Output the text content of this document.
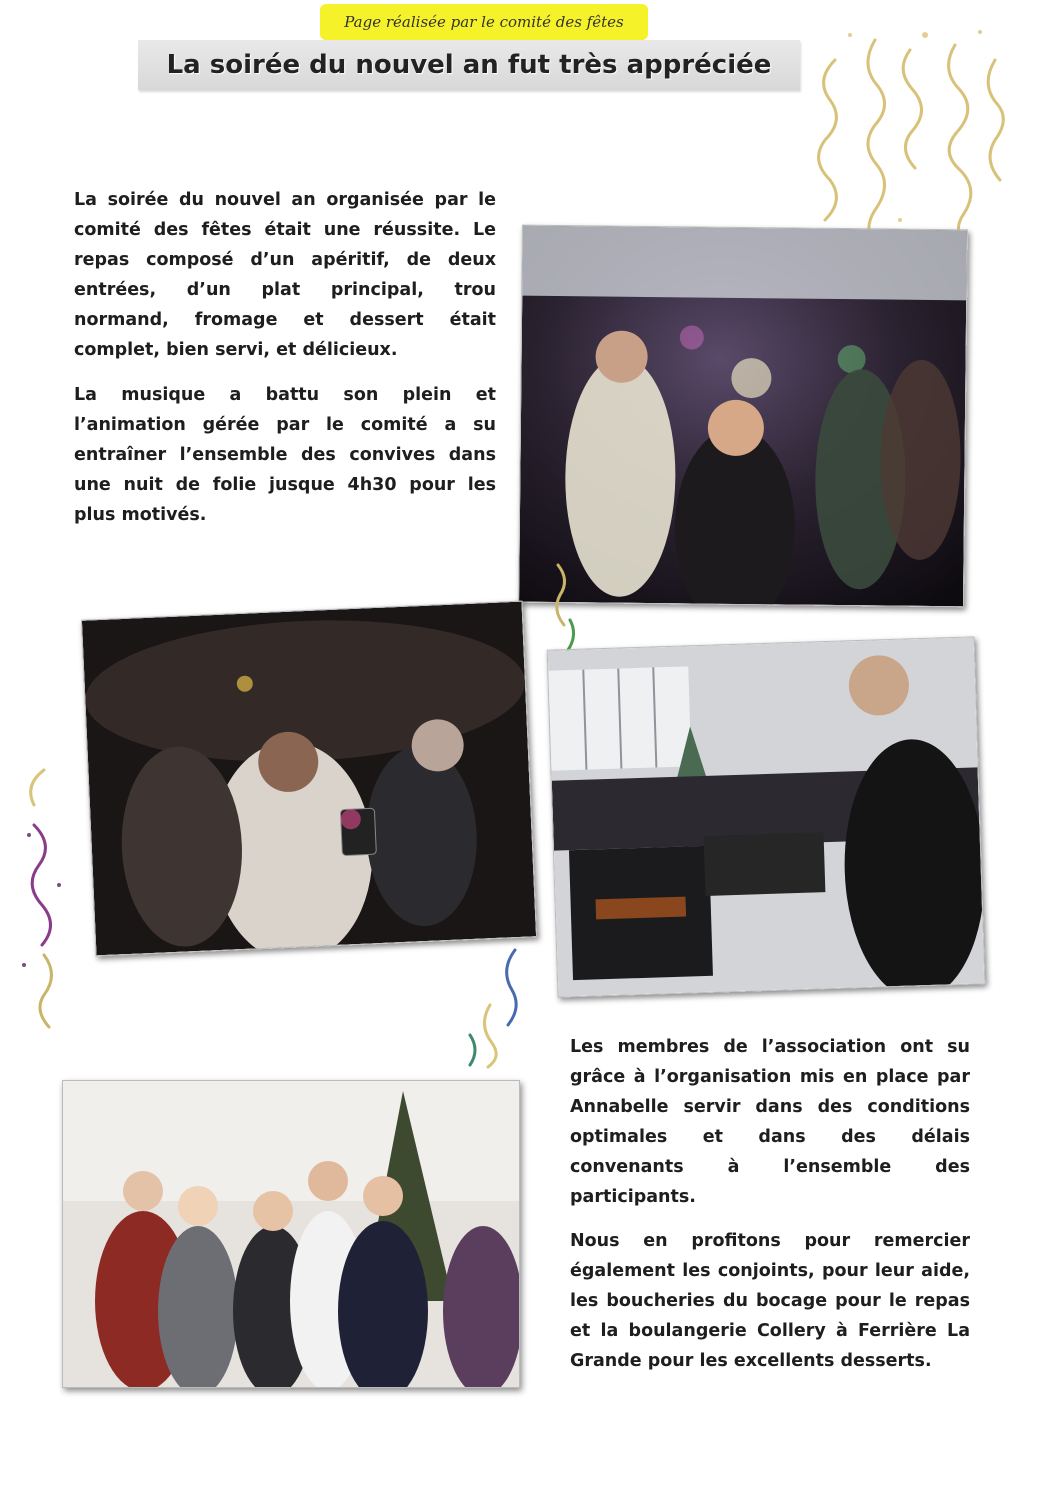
Page réalisée par le comité des fêtes
La soirée du nouvel an fut très appréciée

La soirée du nouvel an organisée par le comité des fêtes était une réussite. Le repas composé d’un apéritif, de deux entrées, d’un plat principal, trou normand, fromage et dessert était complet, bien servi, et délicieux.

La musique a battu son plein et l’animation gérée par le comité a su entraîner l’ensemble des convives dans une nuit de folie jusque 4h30 pour les plus motivés.

Les membres de l’association ont su grâce à l’organisation mis en place par Annabelle servir dans des conditions optimales et dans des délais convenants à l’ensemble des participants.

Nous en profitons pour remercier également les conjoints, pour leur aide, les boucheries du bocage pour le repas et la boulangerie Collery à Ferrière La Grande pour les excellents desserts.
